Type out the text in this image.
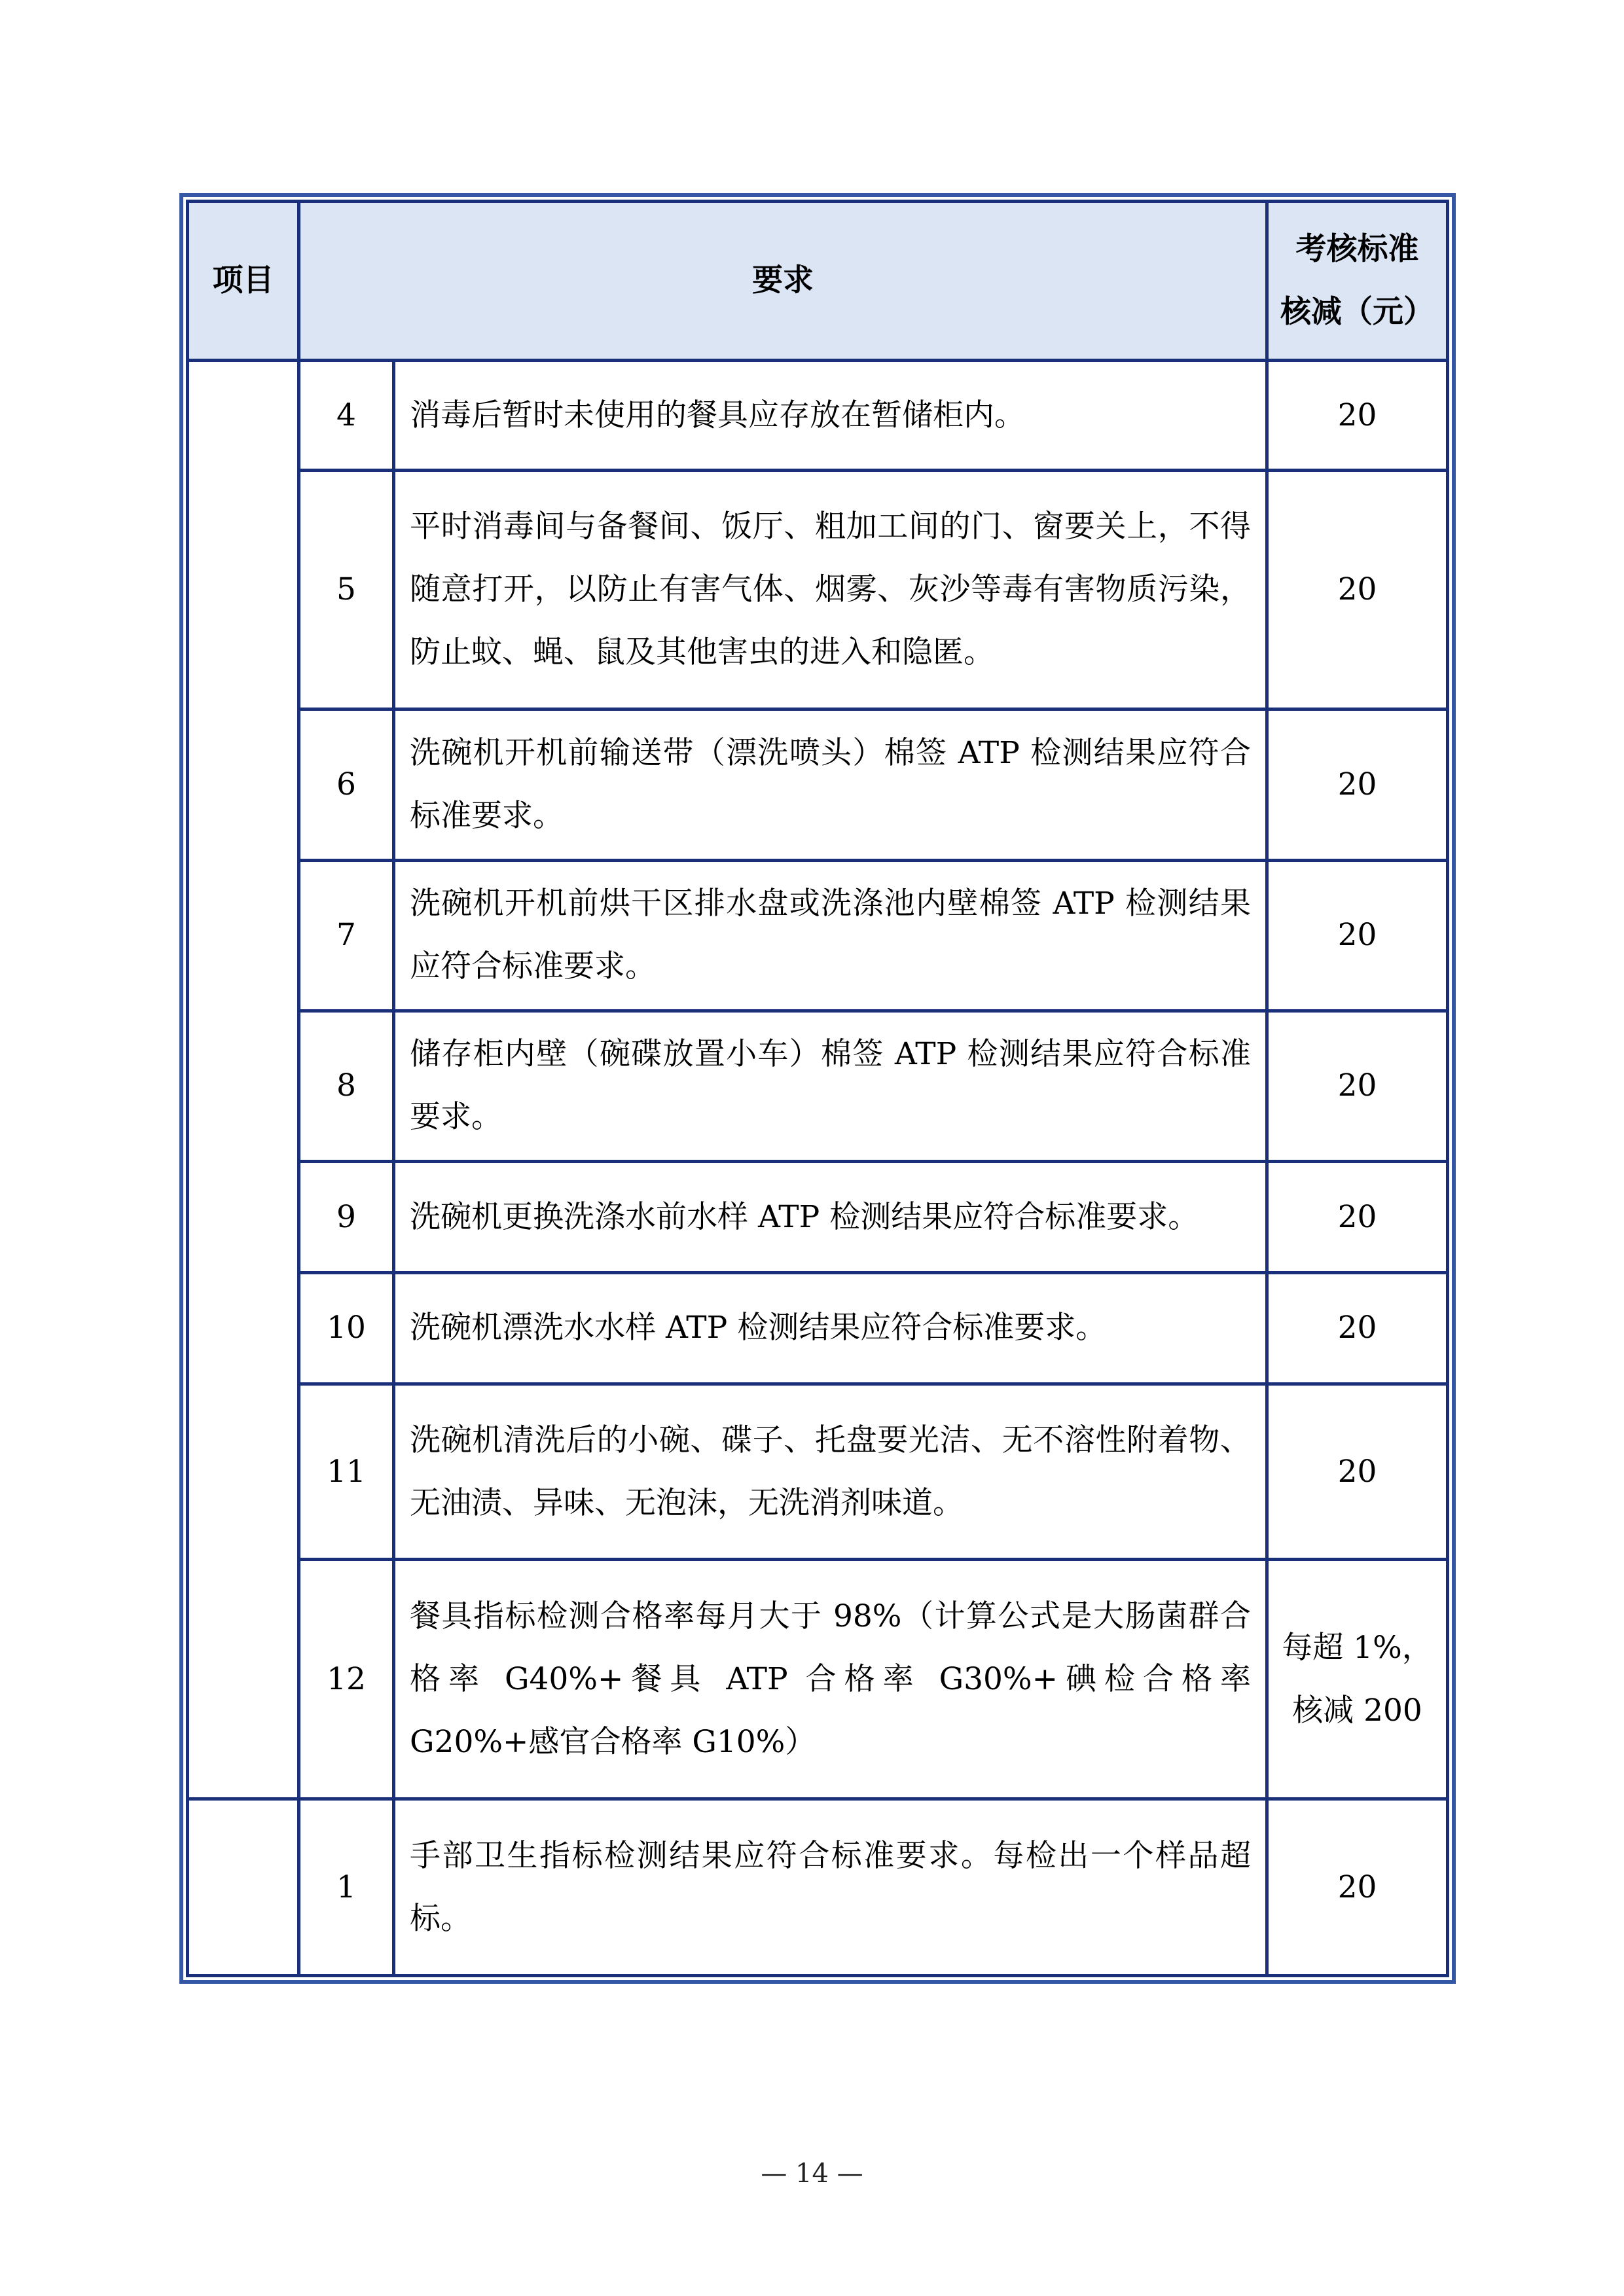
项目	要求		考核标准
核减（元）

	4	消毒后暂时未使用的餐具应存放在暂储柜内。	20
	5	平时消毒间与备餐间、饭厅、粗加工间的门、窗要关上，不得随意打开，以防止有害气体、烟雾、灰沙等毒有害物质污染，防止蚊、蝇、鼠及其他害虫的进入和隐匿。	20
	6	洗碗机开机前输送带（漂洗喷头）棉签 ATP 检测结果应符合标准要求。	20
	7	洗碗机开机前烘干区排水盘或洗涤池内壁棉签 ATP 检测结果应符合标准要求。	20
	8	储存柜内壁（碗碟放置小车）棉签 ATP 检测结果应符合标准要求。	20
	9	洗碗机更换洗涤水前水样 ATP 检测结果应符合标准要求。	20
	10	洗碗机漂洗水水样 ATP 检测结果应符合标准要求。	20
	11	洗碗机清洗后的小碗、碟子、托盘要光洁、无不溶性附着物、无油渍、异味、无泡沫，无洗消剂味道。	20
	12	餐具指标检测合格率每月大于 98%（计算公式是大肠菌群合格率 G40%+餐具 ATP 合格率 G30%+碘检合格率 G20%+感官合格率 G10%）	每超 1%，
核减 200

	1	手部卫生指标检测结果应符合标准要求。每检出一个样品超标。	20
— 14 —
